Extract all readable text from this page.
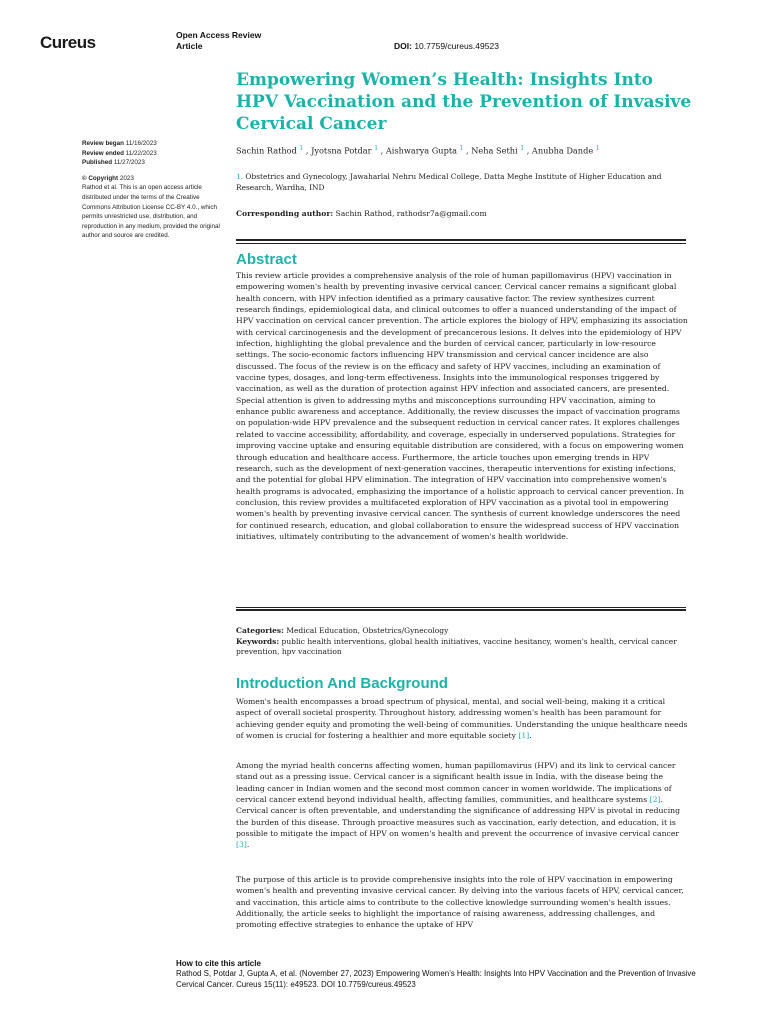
Cureus	Open Access Review
Article	DOI: 10.7759/cureus.49523
Empowering Women’s Health: Insights Into HPV Vaccination and the Prevention of Invasive Cervical Cancer
Review began 11/16/2023
Review ended 11/22/2023
Published 11/27/2023
© Copyright 2023
Rathod et al. This is an open access article distributed under the terms of the Creative Commons Attribution License CC-BY 4.0., which permits unrestricted use, distribution, and reproduction in any medium, provided the original author and source are credited.
Sachin Rathod $^1$ , Jyotsna Potdar $^1$ , Aishwarya Gupta $^1$ , Neha Sethi $^1$ , Anubha Dande $^1$
1. Obstetrics and Gynecology, Jawaharlal Nehru Medical College, Datta Meghe Institute of Higher Education and Research, Wardha, IND
Corresponding author: Sachin Rathod, rathodsr7a@gmail.com
Abstract

This review article provides a comprehensive analysis of the role of human papillomavirus (HPV) vaccination in empowering women's health by preventing invasive cervical cancer. Cervical cancer remains a significant global health concern, with HPV infection identified as a primary causative factor. The review synthesizes current research findings, epidemiological data, and clinical outcomes to offer a nuanced understanding of the impact of HPV vaccination on cervical cancer prevention. The article explores the biology of HPV, emphasizing its association with cervical carcinogenesis and the development of precancerous lesions. It delves into the epidemiology of HPV infection, highlighting the global prevalence and the burden of cervical cancer, particularly in low-resource settings. The socio-economic factors influencing HPV transmission and cervical cancer incidence are also discussed. The focus of the review is on the efficacy and safety of HPV vaccines, including an examination of vaccine types, dosages, and long-term effectiveness. Insights into the immunological responses triggered by vaccination, as well as the duration of protection against HPV infection and associated cancers, are presented. Special attention is given to addressing myths and misconceptions surrounding HPV vaccination, aiming to enhance public awareness and acceptance. Additionally, the review discusses the impact of vaccination programs on population-wide HPV prevalence and the subsequent reduction in cervical cancer rates. It explores challenges related to vaccine accessibility, affordability, and coverage, especially in underserved populations. Strategies for improving vaccine uptake and ensuring equitable distribution are considered, with a focus on empowering women through education and healthcare access. Furthermore, the article touches upon emerging trends in HPV research, such as the development of next-generation vaccines, therapeutic interventions for existing infections, and the potential for global HPV elimination. The integration of HPV vaccination into comprehensive women's health programs is advocated, emphasizing the importance of a holistic approach to cervical cancer prevention. In conclusion, this review provides a multifaceted exploration of HPV vaccination as a pivotal tool in empowering women's health by preventing invasive cervical cancer. The synthesis of current knowledge underscores the need for continued research, education, and global collaboration to ensure the widespread success of HPV vaccination initiatives, ultimately contributing to the advancement of women's health worldwide.

Categories: Medical Education, Obstetrics/Gynecology
Keywords: public health interventions, global health initiatives, vaccine hesitancy, women's health, cervical cancer prevention, hpv vaccination
Introduction And Background

Women's health encompasses a broad spectrum of physical, mental, and social well-being, making it a critical aspect of overall societal prosperity. Throughout history, addressing women's health has been paramount for achieving gender equity and promoting the well-being of communities. Understanding the unique healthcare needs of women is crucial for fostering a healthier and more equitable society [1].

Among the myriad health concerns affecting women, human papillomavirus (HPV) and its link to cervical cancer stand out as a pressing issue. Cervical cancer is a significant health issue in India, with the disease being the leading cancer in Indian women and the second most common cancer in women worldwide. The implications of cervical cancer extend beyond individual health, affecting families, communities, and healthcare systems [2]. Cervical cancer is often preventable, and understanding the significance of addressing HPV is pivotal in reducing the burden of this disease. Through proactive measures such as vaccination, early detection, and education, it is possible to mitigate the impact of HPV on women's health and prevent the occurrence of invasive cervical cancer [3].

The purpose of this article is to provide comprehensive insights into the role of HPV vaccination in empowering women's health and preventing invasive cervical cancer. By delving into the various facets of HPV, cervical cancer, and vaccination, this article aims to contribute to the collective knowledge surrounding women's health issues. Additionally, the article seeks to highlight the importance of raising awareness, addressing challenges, and promoting effective strategies to enhance the uptake of HPV

How to cite this article
Rathod S, Potdar J, Gupta A, et al. (November 27, 2023) Empowering Women’s Health: Insights Into HPV Vaccination and the Prevention of Invasive Cervical Cancer. Cureus 15(11): e49523. DOI 10.7759/cureus.49523
